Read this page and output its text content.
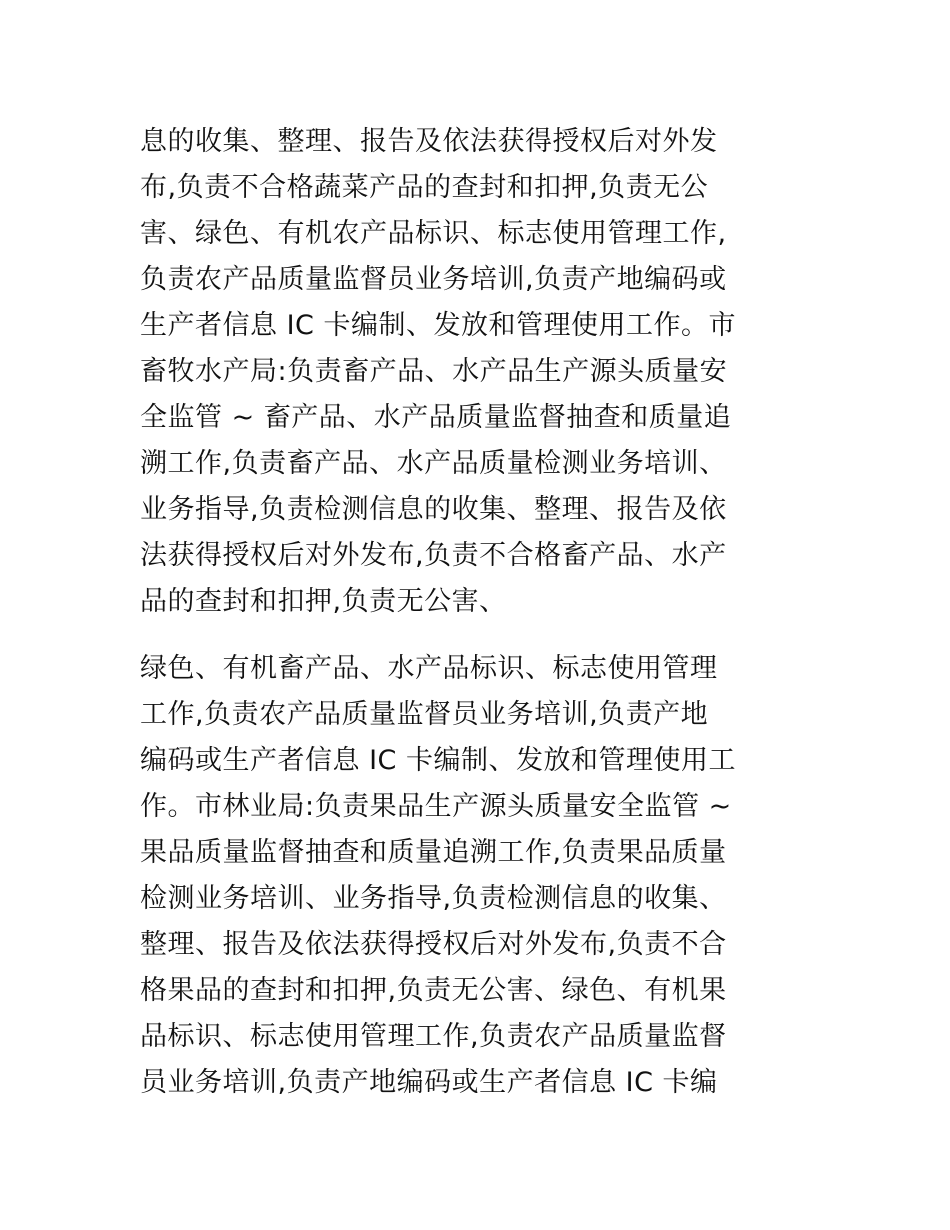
息的收集、整理、报告及依法获得授权后对外发
布,负责不合格蔬菜产品的查封和扣押,负责无公
害、绿色、有机农产品标识、标志使用管理工作,
负责农产品质量监督员业务培训,负责产地编码或
生产者信息 IC 卡编制、发放和管理使用工作。市
畜牧水产局:负责畜产品、水产品生产源头质量安
全监管 ~ 畜产品、水产品质量监督抽查和质量追
溯工作,负责畜产品、水产品质量检测业务培训、
业务指导,负责检测信息的收集、整理、报告及依
法获得授权后对外发布,负责不合格畜产品、水产
品的查封和扣押,负责无公害、
绿色、有机畜产品、水产品标识、标志使用管理
工作,负责农产品质量监督员业务培训,负责产地
编码或生产者信息 IC 卡编制、发放和管理使用工
作。市林业局:负责果品生产源头质量安全监管 ~
果品质量监督抽查和质量追溯工作,负责果品质量
检测业务培训、业务指导,负责检测信息的收集、
整理、报告及依法获得授权后对外发布,负责不合
格果品的查封和扣押,负责无公害、绿色、有机果
品标识、标志使用管理工作,负责农产品质量监督
员业务培训,负责产地编码或生产者信息 IC 卡编
